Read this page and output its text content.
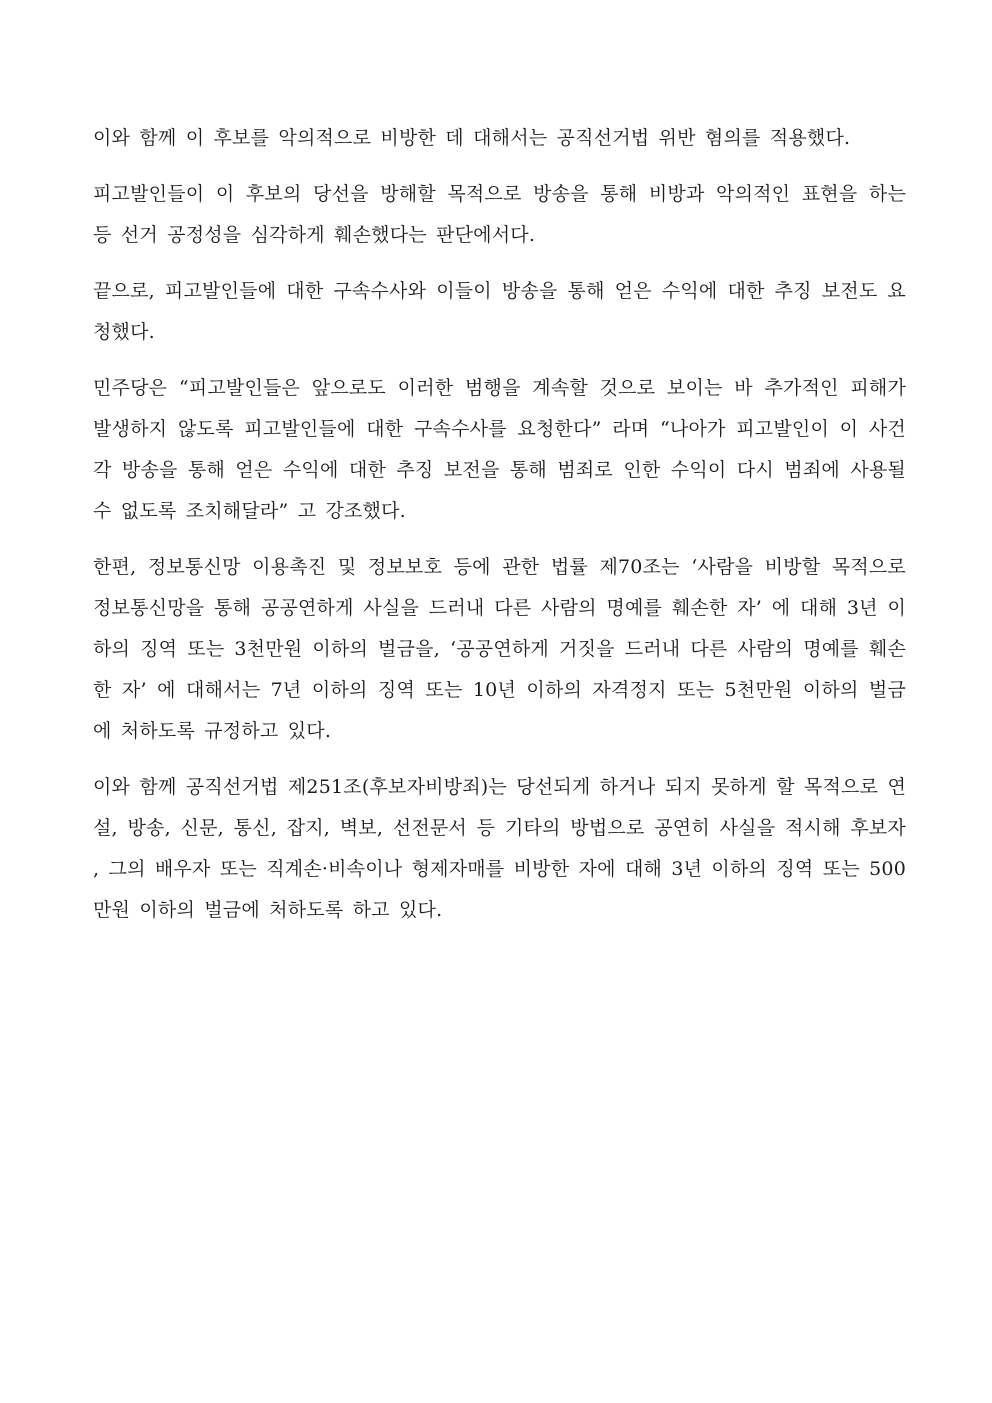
이와 함께 이 후보를 악의적으로 비방한 데 대해서는 공직선거법 위반 혐의를 적용했다.

피고발인들이 이 후보의 당선을 방해할 목적으로 방송을 통해 비방과 악의적인 표현을 하는 등 선거 공정성을 심각하게 훼손했다는 판단에서다.

끝으로, 피고발인들에 대한 구속수사와 이들이 방송을 통해 얻은 수익에 대한 추징 보전도 요청했다.

민주당은 “피고발인들은 앞으로도 이러한 범행을 계속할 것으로 보이는 바 추가적인 피해가 발생하지 않도록 피고발인들에 대한 구속수사를 요청한다” 라며 “나아가 피고발인이 이 사건 각 방송을 통해 얻은 수익에 대한 추징 보전을 통해 범죄로 인한 수익이 다시 범죄에 사용될 수 없도록 조치해달라” 고 강조했다.

한편, 정보통신망 이용촉진 및 정보보호 등에 관한 법률 제70조는 ‘사람을 비방할 목적으로 정보통신망을 통해 공공연하게 사실을 드러내 다른 사람의 명예를 훼손한 자’ 에 대해 3년 이하의 징역 또는 3천만원 이하의 벌금을, ‘공공연하게 거짓을 드러내 다른 사람의 명예를 훼손한 자’ 에 대해서는 7년 이하의 징역 또는 10년 이하의 자격정지 또는 5천만원 이하의 벌금에 처하도록 규정하고 있다.

이와 함께 공직선거법 제251조(후보자비방죄)는 당선되게 하거나 되지 못하게 할 목적으로 연설, 방송, 신문, 통신, 잡지, 벽보, 선전문서 등 기타의 방법으로 공연히 사실을 적시해 후보자, 그의 배우자 또는 직계손·비속이나 형제자매를 비방한 자에 대해 3년 이하의 징역 또는 500만원 이하의 벌금에 처하도록 하고 있다.
